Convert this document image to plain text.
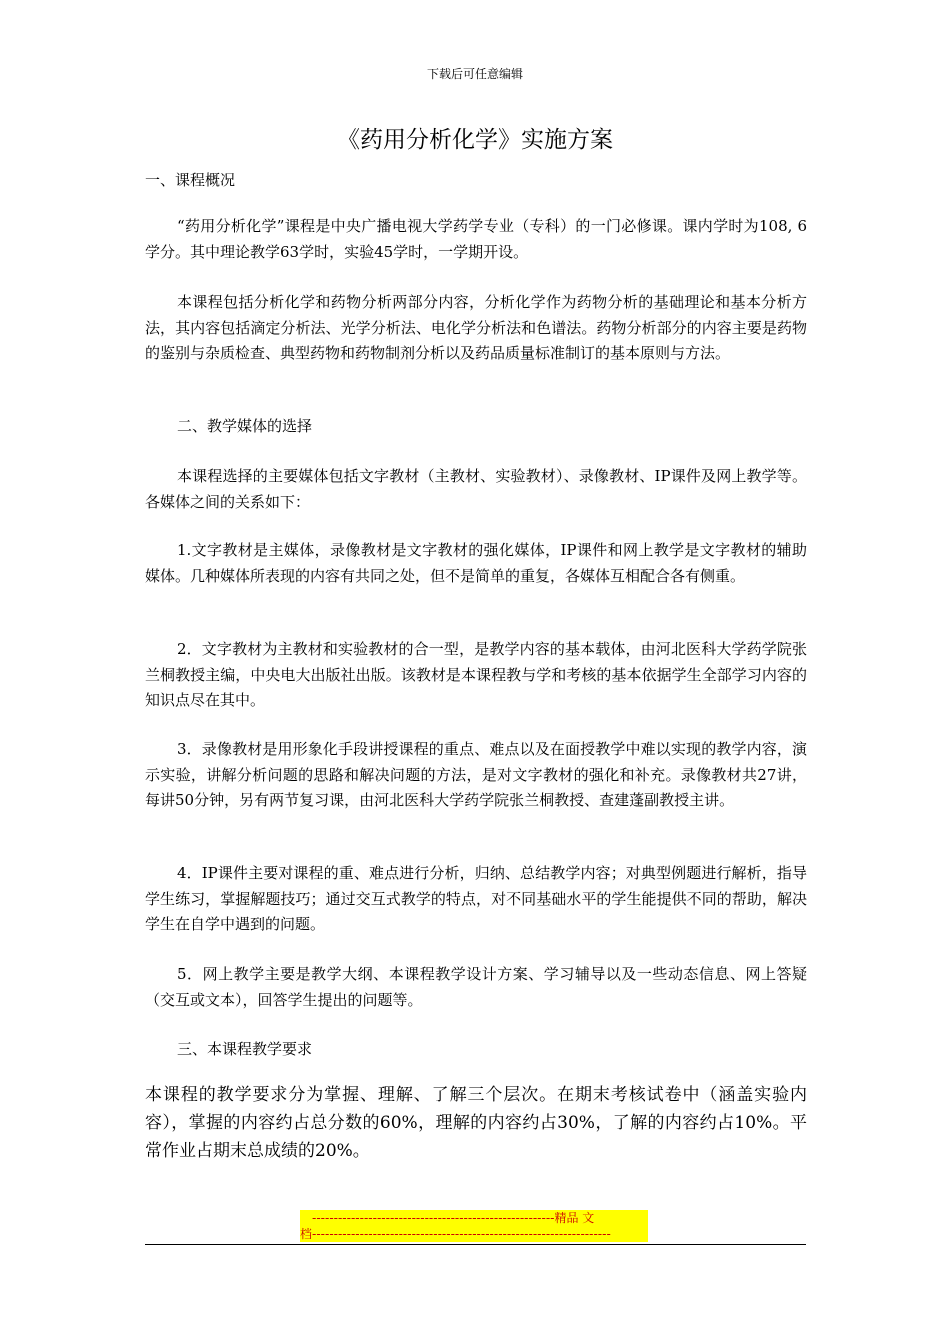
下载后可任意编辑
《药用分析化学》实施方案
一、课程概况

“药用分析化学”课程是中央广播电视大学药学专业（专科）的一门必修课。课内学时为108, 6学分。其中理论教学63学时，实验45学时，一学期开设。

本课程包括分析化学和药物分析两部分内容，分析化学作为药物分析的基础理论和基本分析方法，其内容包括滴定分析法、光学分析法、电化学分析法和色谱法。药物分析部分的内容主要是药物的鉴别与杂质检查、典型药物和药物制剂分析以及药品质量标准制订的基本原则与方法。

二、教学媒体的选择

本课程选择的主要媒体包括文字教材（主教材、实验教材）、录像教材、IP课件及网上教学等。各媒体之间的关系如下：

1.文字教材是主媒体，录像教材是文字教材的强化媒体，IP课件和网上教学是文字教材的辅助媒体。几种媒体所表现的内容有共同之处，但不是简单的重复，各媒体互相配合各有侧重。

2．文字教材为主教材和实验教材的合一型，是教学内容的基本载体，由河北医科大学药学院张兰桐教授主编，中央电大出版社出版。该教材是本课程教与学和考核的基本依据学生全部学习内容的知识点尽在其中。

3．录像教材是用形象化手段讲授课程的重点、难点以及在面授教学中难以实现的教学内容，演示实验，讲解分析问题的思路和解决问题的方法，是对文字教材的强化和补充。录像教材共27讲，每讲50分钟，另有两节复习课，由河北医科大学药学院张兰桐教授、查建蓬副教授主讲。

4．IP课件主要对课程的重、难点进行分析，归纳、总结教学内容；对典型例题进行解析，指导学生练习，掌握解题技巧；通过交互式教学的特点，对不同基础水平的学生能提供不同的帮助，解决学生在自学中遇到的问题。

5．网上教学主要是教学大纲、本课程教学设计方案、学习辅导以及一些动态信息、网上答疑（交互或文本），回答学生提出的问题等。

三、本课程教学要求

本课程的教学要求分为掌握、理解、了解三个层次。在期末考核试卷中（涵盖实验内容），掌握的内容约占总分数的60%，理解的内容约占30%，了解的内容约占10%。平常作业占期末总成绩的20%。

--------------------------------------------------------精品 文
档---------------------------------------------------------------------
